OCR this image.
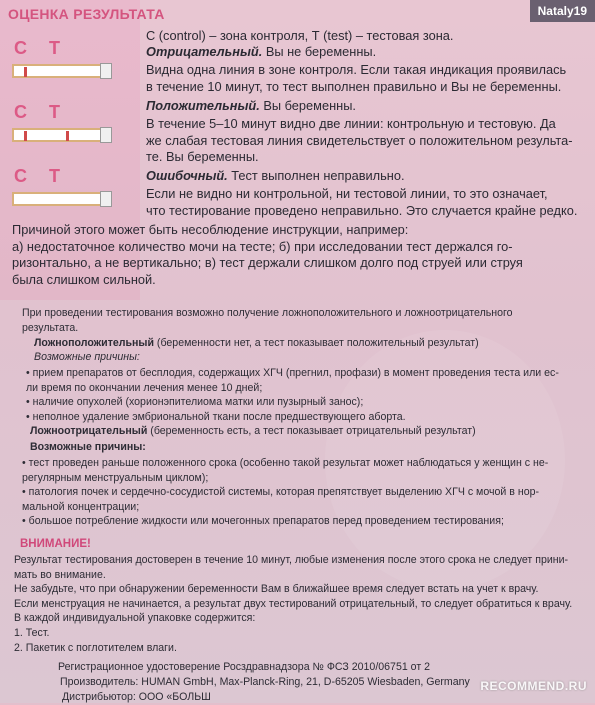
ОЦЕНКА РЕЗУЛЬТАТА	Nataly19
CT
CT
CT
С (control) – зона контроля, Т (test) – тестовая зона.
Отрицательный. Вы не беременны.
Видна одна линия в зоне контроля. Если такая индикация проявилась
в течение 10 минут, то тест выполнен правильно и Вы не беременны.
Положительный. Вы беременны.
В течение 5–10 минут видно две линии: контрольную и тестовую. Да
же слабая тестовая линия свидетельствует о положительном результа-
те. Вы беременны.
Ошибочный. Тест выполнен неправильно.
Если не видно ни контрольной, ни тестовой линии, то это означает,
что тестирование проведено неправильно. Это случается крайне редко.
Причиной этого может быть несоблюдение инструкции, например:
а) недостаточное количество мочи на тесте; б) при исследовании тест держался го-
ризонтально, а не вертикально; в) тест держали слишком долго под струей или струя
была слишком сильной.
При проведении тестирования возможно получение ложноположительного и ложноотрицательного
результата.
Ложноположительный (беременности нет, а тест показывает положительный результат)
Возможные причины:
• прием препаратов от бесплодия, содержащих ХГЧ (прегнил, профази) в момент проведения теста или ес-
ли время по окончании лечения менее 10 дней;
• наличие опухолей (хорионэпителиома матки или пузырный занос);
• неполное удаление эмбриональной ткани после предшествующего аборта.
Ложноотрицательный (беременность есть, а тест показывает отрицательный результат)
Возможные причины:
• тест проведен раньше положенного срока (особенно такой результат может наблюдаться у женщин с не-
регулярным менструальным циклом);
• патология почек и сердечно-сосудистой системы, которая препятствует выделению ХГЧ с мочой в нор-
мальной концентрации;
• большое потребление жидкости или мочегонных препаратов перед проведением тестирования;
ВНИМАНИЕ!
Результат тестирования достоверен в течение 10 минут, любые изменения после этого срока не следует прини-
мать во внимание.
Не забудьте, что при обнаружении беременности Вам в ближайшее время следует встать на учет к врачу.
Если менструация не начинается, а результат двух тестирований отрицательный, то следует обратиться к врачу.
В каждой индивидуальной упаковке содержится:
1. Тест.
2. Пакетик с поглотителем влаги.
Регистрационное удостоверение Росздравнадзора № ФСЗ 2010/06751 от 2
Производитель: HUMAN GmbH, Max-Planck-Ring, 21, D-65205 Wiesbaden, Germany
Дистрибьютор: ООО «БОЛЬШ
RECOMMEND.RU
